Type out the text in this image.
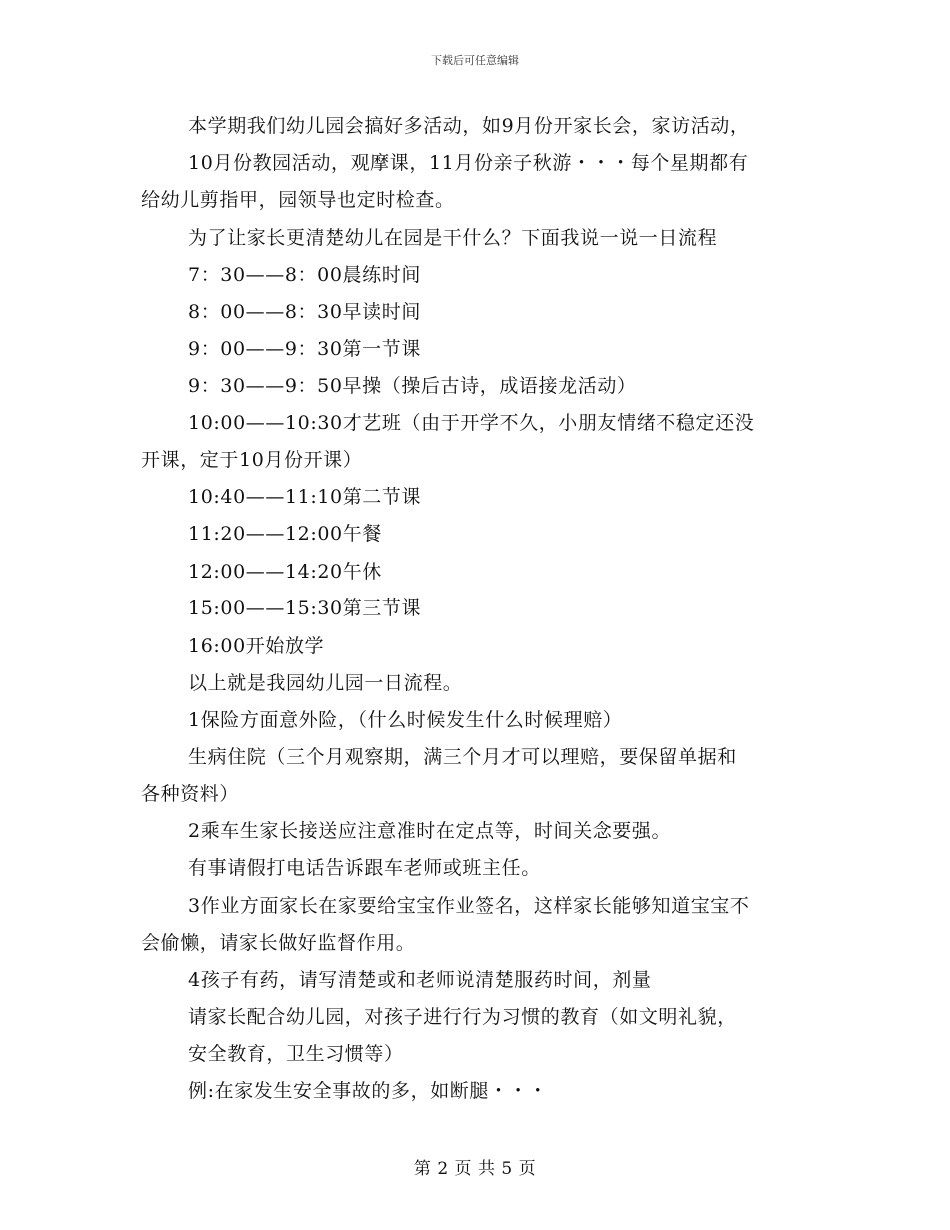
下载后可任意编辑
本学期我们幼儿园会搞好多活动，如9月份开家长会，家访活动，
10月份教园活动，观摩课，11月份亲子秋游・・・每个星期都有
给幼儿剪指甲，园领导也定时检查。
为了让家长更清楚幼儿在园是干什么？下面我说一说一日流程
7：30——8：00晨练时间
8：00——8：30早读时间
9：00——9：30第一节课
9：30——9：50早操（操后古诗，成语接龙活动）
10:00——10:30才艺班（由于开学不久，小朋友情绪不稳定还没
开课，定于10月份开课）
10:40——11:10第二节课
11:20——12:00午餐
12:00——14:20午休
15:00——15:30第三节课
16:00开始放学
以上就是我园幼儿园一日流程。
1保险方面意外险，（什么时候发生什么时候理赔）
生病住院（三个月观察期，满三个月才可以理赔，要保留单据和
各种资料）
2乘车生家长接送应注意准时在定点等，时间关念要强。
有事请假打电话告诉跟车老师或班主任。
3作业方面家长在家要给宝宝作业签名，这样家长能够知道宝宝不
会偷懒，请家长做好监督作用。
4孩子有药，请写清楚或和老师说清楚服药时间，剂量
请家长配合幼儿园，对孩子进行行为习惯的教育（如文明礼貌，
安全教育，卫生习惯等）
例:在家发生安全事故的多，如断腿・・・
第 2 页 共 5 页
